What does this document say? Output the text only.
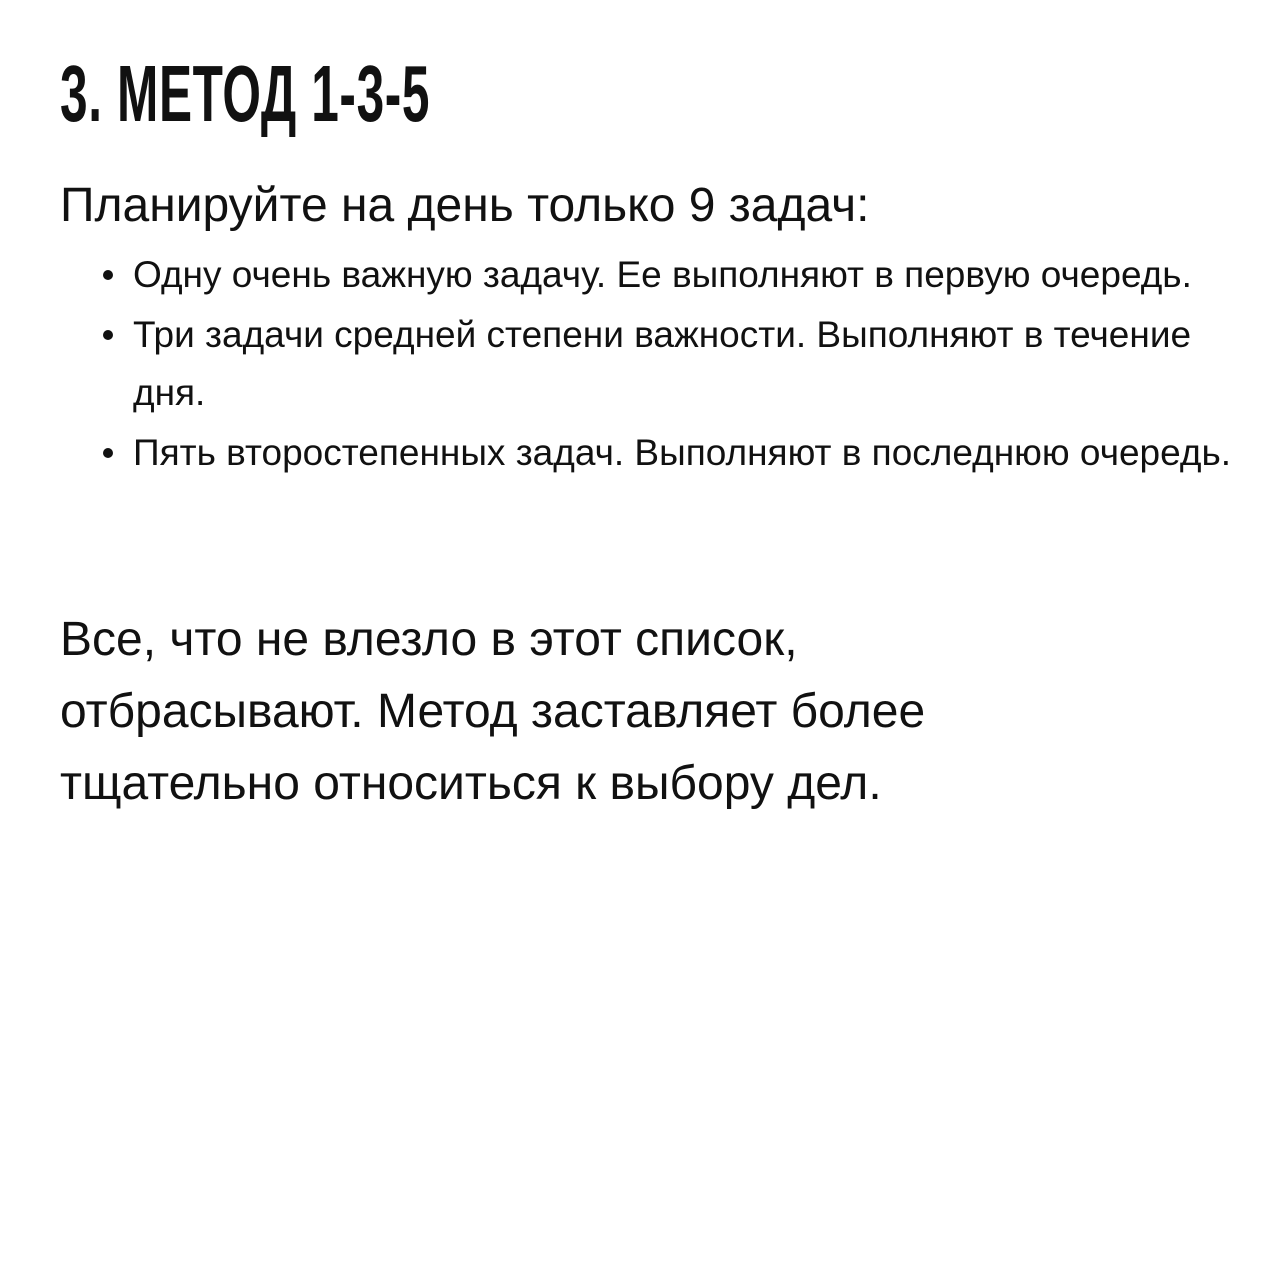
3. МЕТОД 1-3-5

Планируйте на день только 9 задач:

Одну очень важную задачу. Ее выполняют в первую очередь.
Три задачи средней степени важности. Выполняют в течение дня.
Пять второстепенных задач. Выполняют в последнюю очередь.

Все, что не влезло в этот список,
отбрасывают. Метод заставляет более
тщательно относиться к выбору дел.
